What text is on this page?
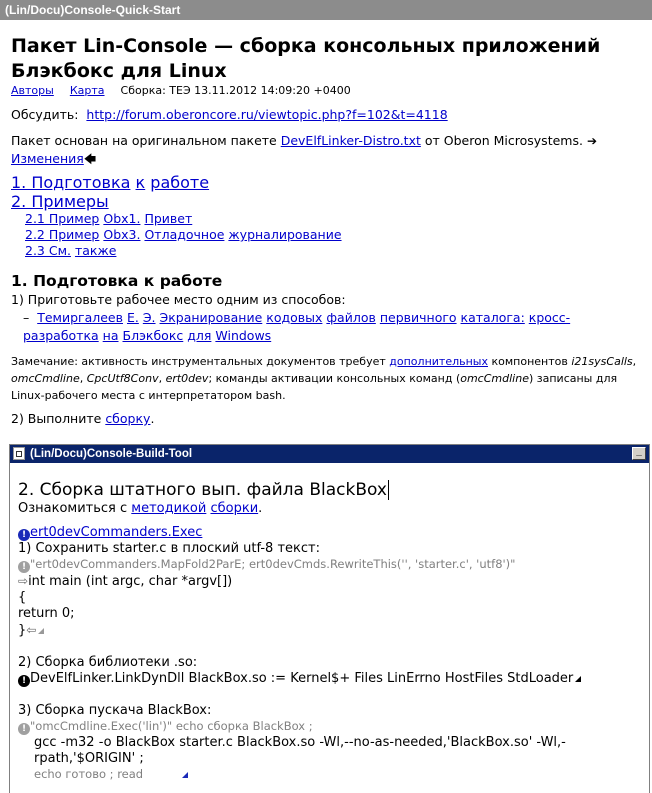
(Lin/Docu)Console-Quick-Start
Пакет Lin-Console — сборка консольных приложений Блэкбокс для Linux
Авторы Карта Сборка: ТЕЭ 13.11.2012 14:09:20 +0400

Обсудить: http://forum.oberoncore.ru/viewtopic.php?f=102&t=4118

Пакет основан на оригинальном пакете DevElfLinker-Distro.txt от Oberon Microsystems. ➔ Изменения🡄

1. Подготовка к работе
2. Примеры
2.1 Пример Obx1. Привет
2.2 Пример Obx3. Отладочное журналирование
2.3 См. также
1. Подготовка к работе

1) Приготовьте рабочее место одним из способов:

–  Темиргалеев Е. Э. Экранирование кодовых файлов первичного каталога: кросс-разработка на Блэкбокс для Windows

Замечание: активность инструментальных документов требует дополнительных компонентов i21sysCalls, omcCmdline, CpcUtf8Conv, ert0dev; команды активации консольных команд (omcCmdline) записаны для Linux-рабочего места с интерпретатором bash.

2) Выполните сборку.

(Lin/Docu)Console-Build-Tool	_
2. Сборка штатного вып. файла BlackBox
Ознакомиться с методикой сборки.
! ert0devCommanders.Exec
1) Сохранить starter.c в плоский utf-8 текст:
! "ert0devCommanders.MapFold2ParE; ert0devCmds.RewriteThis('', 'starter.c', 'utf8')"
⇨int main (int argc, char *argv[])
{
return 0;
}⇦
2) Сборка библиотеки .so:
! DevElfLinker.LinkDynDll BlackBox.so := Kernel$+ Files LinErrno HostFiles StdLoader
3) Сборка пускача BlackBox:
! "omcCmdline.Exec('lin')" echo сборка BlackBox ;
gcc -m32 -o BlackBox starter.c BlackBox.so -Wl,--no-as-needed,'BlackBox.so' -Wl,-rpath,'$ORIGIN' ;
echo готово ; read
